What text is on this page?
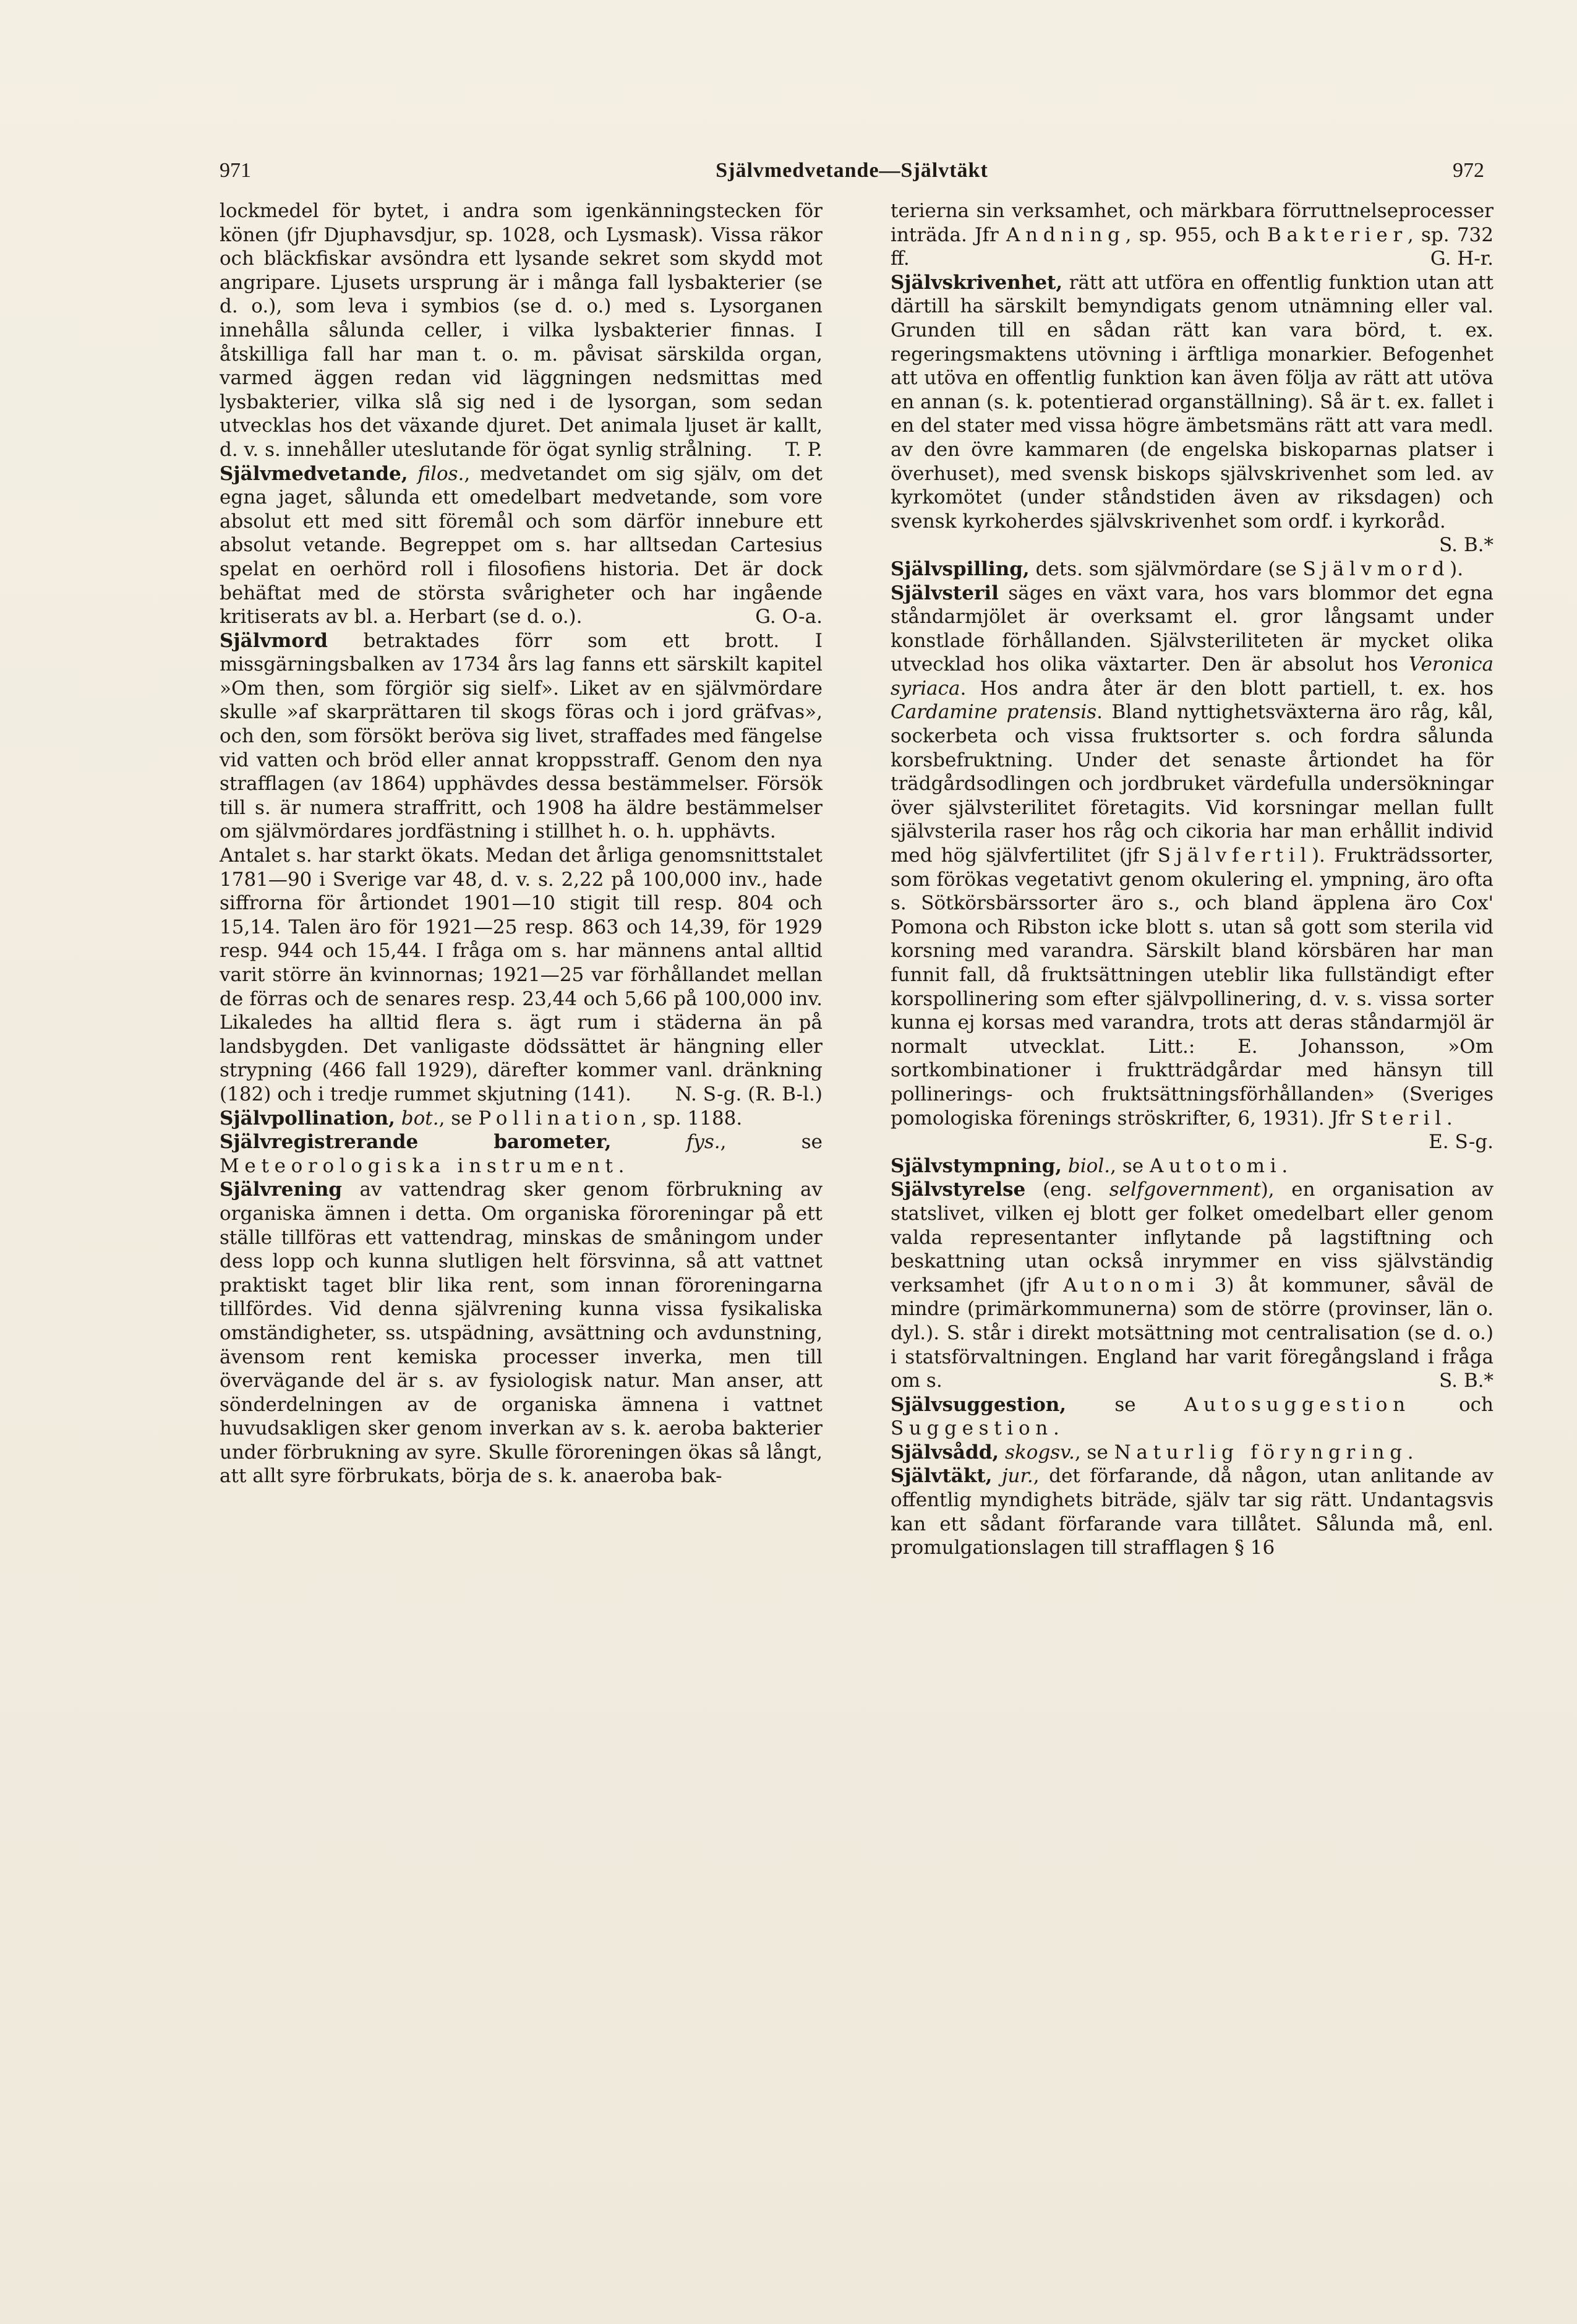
971	Självmedvetande—Självtäkt	972

lockmedel för bytet, i andra som igenkänningstecken för könen (jfr Djuphavsdjur, sp. 1028, och Lysmask). Vissa räkor och bläckfiskar avsöndra ett lysande sekret som skydd mot angripare. Ljusets ursprung är i många fall lysbakterier (se d. o.), som leva i symbios (se d. o.) med s. Lysorganen innehålla sålunda celler, i vilka lysbakterier finnas. I åtskilliga fall har man t. o. m. påvisat särskilda organ, varmed äggen redan vid läggningen nedsmittas med lysbakterier, vilka slå sig ned i de lysorgan, som sedan utvecklas hos det växande djuret. Det animala ljuset är kallt, d. v. s. innehåller uteslutande för ögat synlig strålning. T. P.

Självmedvetande, filos., medvetandet om sig själv, om det egna jaget, sålunda ett omedelbart medvetande, som vore absolut ett med sitt föremål och som därför innebure ett absolut vetande. Begreppet om s. har alltsedan Cartesius spelat en oerhörd roll i filosofiens historia. Det är dock behäftat med de största svårigheter och har ingående kritiserats av bl. a. Herbart (se d. o.).	G. O-a.

Självmord betraktades förr som ett brott. I missgärningsbalken av 1734 års lag fanns ett särskilt kapitel »Om then, som förgiör sig sielf». Liket av en självmördare skulle »af skarprättaren til skogs föras och i jord gräfvas», och den, som försökt beröva sig livet, straffades med fängelse vid vatten och bröd eller annat kroppsstraff. Genom den nya strafflagen (av 1864) upphävdes dessa bestämmelser. Försök till s. är numera straffritt, och 1908 ha äldre bestämmelser om självmördares jordfästning i stillhet h. o. h. upphävts.

Antalet s. har starkt ökats. Medan det årliga genomsnittstalet 1781—90 i Sverige var 48, d. v. s. 2,22 på 100,000 inv., hade siffrorna för årtiondet 1901—10 stigit till resp. 804 och 15,14. Talen äro för 1921—25 resp. 863 och 14,39, för 1929 resp. 944 och 15,44. I fråga om s. har männens antal alltid varit större än kvinnornas; 1921—25 var förhållandet mellan de förras och de senares resp. 23,44 och 5,66 på 100,000 inv. Likaledes ha alltid flera s. ägt rum i städerna än på landsbygden. Det vanligaste dödssättet är hängning eller strypning (466 fall 1929), därefter kommer vanl. dränkning (182) och i tredje rummet skjutning (141). N. S-g. (R. B-l.)

Självpollination, bot., se Pollination, sp. 1188.

Självregistrerande barometer,	fys., se Meteorologiska instrument.

Självrening av vattendrag sker genom förbrukning av organiska ämnen i detta. Om organiska föroreningar på ett ställe tillföras ett vattendrag, minskas de småningom under dess lopp och kunna slutligen helt försvinna, så att vattnet praktiskt taget blir lika rent, som innan föroreningarna tillfördes. Vid denna självrening kunna vissa fysikaliska omständigheter, ss. utspädning, avsättning och avdunstning, ävensom rent kemiska processer inverka, men till övervägande del är s. av fysiologisk natur. Man anser, att sönderdelningen av de organiska ämnena i vattnet huvudsakligen sker genom inverkan av s. k. aeroba bakterier under förbrukning av syre. Skulle föroreningen ökas så långt, att allt syre förbrukats, börja de s. k. anaeroba bak-

terierna sin verksamhet, och märkbara förruttnelseprocesser inträda. Jfr Andning, sp. 955, och Bakterier, sp. 732 ff.	G. H-r.

Självskrivenhet, rätt att utföra en offentlig funktion utan att därtill ha särskilt bemyndigats genom utnämning eller val. Grunden till en sådan rätt kan vara börd, t. ex. regeringsmaktens utövning i ärftliga monarkier. Befogenhet att utöva en offentlig funktion kan även följa av rätt att utöva en annan (s. k. potentierad organställning). Så är t. ex. fallet i en del stater med vissa högre ämbetsmäns rätt att vara medl. av den övre kammaren (de engelska biskoparnas platser i överhuset), med svensk biskops självskrivenhet som led. av kyrkomötet (under ståndstiden även av riksdagen) och svensk kyrkoherdes självskrivenhet som ordf. i kyrkoråd.
S. B.*

Självspilling, dets. som självmördare (se Självmord).

Självsteril säges en växt vara, hos vars blommor det egna ståndarmjölet är overksamt el. gror långsamt under konstlade förhållanden. Självsteriliteten är mycket olika utvecklad hos olika växtarter. Den är absolut hos Veronica syriaca. Hos andra åter är den blott partiell, t. ex. hos Cardamine pratensis. Bland nyttighetsväxterna äro råg, kål, sockerbeta och vissa fruktsorter s. och fordra sålunda korsbefruktning. Under det senaste årtiondet ha för trädgårdsodlingen och jordbruket värdefulla undersökningar över självsterilitet företagits. Vid korsningar mellan fullt självsterila raser hos råg och cikoria har man erhållit individ med hög självfertilitet (jfr Självfertil). Frukträdssorter, som förökas vegetativt genom okulering el. ympning, äro ofta s. Sötkörsbärssorter äro s., och bland äpplena äro Cox' Pomona och Ribston icke blott s. utan så gott som sterila vid korsning med varandra. Särskilt bland körsbären har man funnit fall, då fruktsättningen uteblir lika fullständigt efter korspollinering som efter självpollinering, d. v. s. vissa sorter kunna ej korsas med varandra, trots att deras ståndarmjöl är normalt utvecklat. Litt.: E. Johansson, »Om sortkombinationer i fruktträdgårdar med hänsyn till pollinerings- och fruktsättningsförhållanden» (Sveriges pomologiska förenings ströskrifter, 6, 1931). Jfr Steril.
E. S-g.

Självstympning, biol., se Autotomi.

Självstyrelse (eng. selfgovernment), en organisation av statslivet, vilken ej blott ger folket omedelbart eller genom valda representanter inflytande på lagstiftning och beskattning utan också inrymmer en viss självständig verksamhet (jfr Autonomi 3) åt kommuner, såväl de mindre (primärkommunerna) som de större (provinser, län o. dyl.). S. står i direkt motsättning mot centralisation (se d. o.) i statsförvaltningen. England har varit föregångsland i fråga om s.	S. B.*

Självsuggestion, se	Autosuggestion och Suggestion.

Självsådd, skogsv., se Naturlig föryngring.

Självtäkt, jur., det förfarande, då någon, utan anlitande av offentlig myndighets biträde, själv tar sig rätt. Undantagsvis kan ett sådant förfarande vara tillåtet. Sålunda må, enl. promulgationslagen till strafflagen § 16
